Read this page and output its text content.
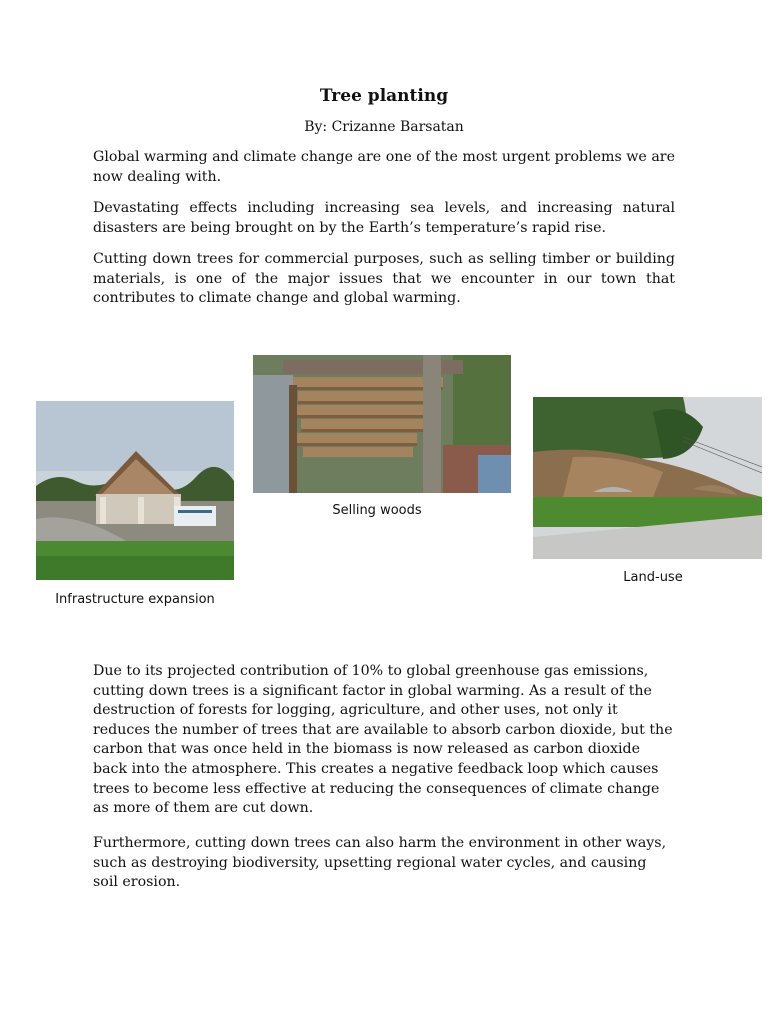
Tree planting
By: Crizanne Barsatan

Global warming and climate change are one of the most urgent problems we are now dealing with.

Devastating effects including increasing sea levels, and increasing natural disasters are being brought on by the Earth’s temperature’s rapid rise.

Cutting down trees for commercial purposes, such as selling timber or building materials, is one of the major issues that we encounter in our town that contributes to climate change and global warming.

Infrastructure expansion
Selling woods
Land-use

Due to its projected contribution of 10% to global greenhouse gas emissions, cutting down trees is a significant factor in global warming. As a result of the destruction of forests for logging, agriculture, and other uses, not only it reduces the number of trees that are available to absorb carbon dioxide, but the carbon that was once held in the biomass is now released as carbon dioxide back into the atmosphere. This creates a negative feedback loop which causes trees to become less effective at reducing the consequences of climate change as more of them are cut down.

Furthermore, cutting down trees can also harm the environment in other ways, such as destroying biodiversity, upsetting regional water cycles, and causing soil erosion.
